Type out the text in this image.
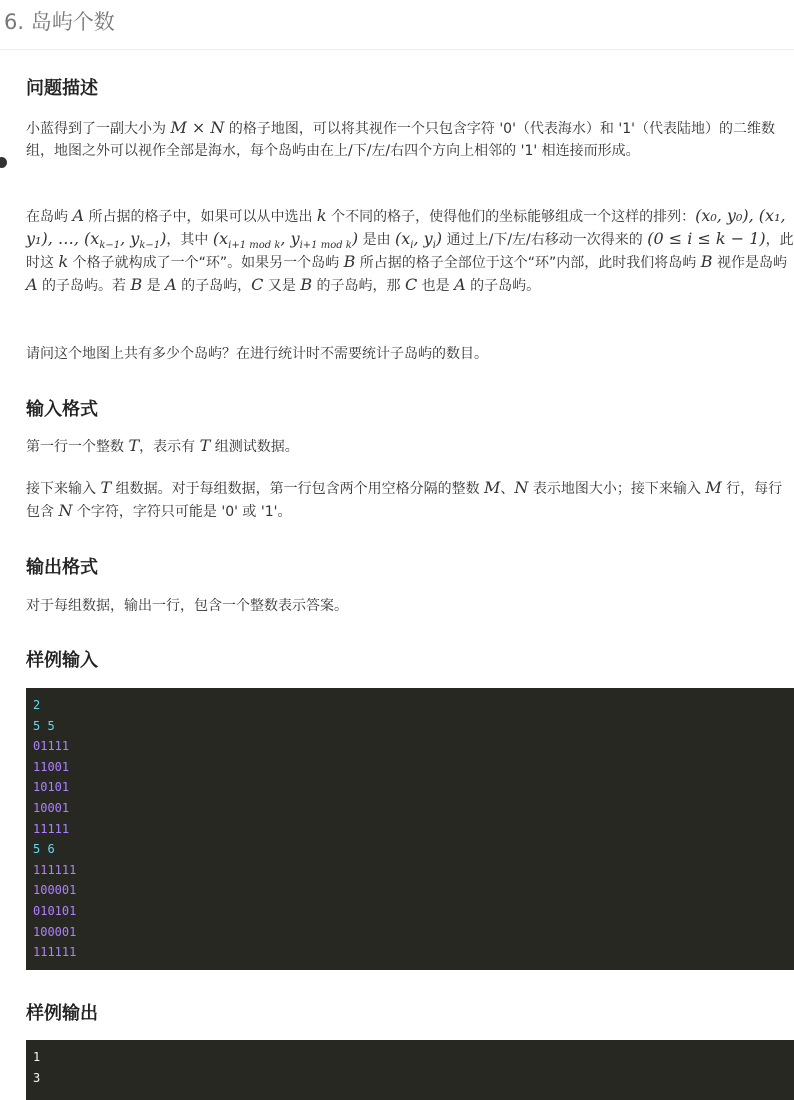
6. 岛屿个数
问题描述

小蓝得到了一副大小为 M × N 的格子地图，可以将其视作一个只包含字符 '0'（代表海水）和 '1'（代表陆地）的二维数组，地图之外可以视作全部是海水，每个岛屿由在上/下/左/右四个方向上相邻的 '1' 相连接而形成。

在岛屿 A 所占据的格子中，如果可以从中选出 k 个不同的格子，使得他们的坐标能够组成一个这样的排列：(x₀, y₀), (x₁, y₁), …, ($x_{k-1}$, $y_{k-1}$)，其中 ($x_{i+1 mod k}$, $y_{i+1 mod k}$) 是由 ($x_i$, $y_i$) 通过上/下/左/右移动一次得来的 (0 ≤ i ≤ k − 1)，此时这 k 个格子就构成了一个“环”。如果另一个岛屿 B 所占据的格子全部位于这个“环”内部，此时我们将岛屿 B 视作是岛屿 A 的子岛屿。若 B 是 A 的子岛屿，C 又是 B 的子岛屿，那 C 也是 A 的子岛屿。

请问这个地图上共有多少个岛屿？在进行统计时不需要统计子岛屿的数目。

输入格式

第一行一个整数 T，表示有 T 组测试数据。

接下来输入 T 组数据。对于每组数据，第一行包含两个用空格分隔的整数 M、N 表示地图大小；接下来输入 M 行，每行包含 N 个字符，字符只可能是 '0' 或 '1'。

输出格式

对于每组数据，输出一行，包含一个整数表示答案。

样例输入
2
5 5
01111
11001
10101
10001
11111
5 6
111111
100001
010101
100001
111111
样例输出
1
3
